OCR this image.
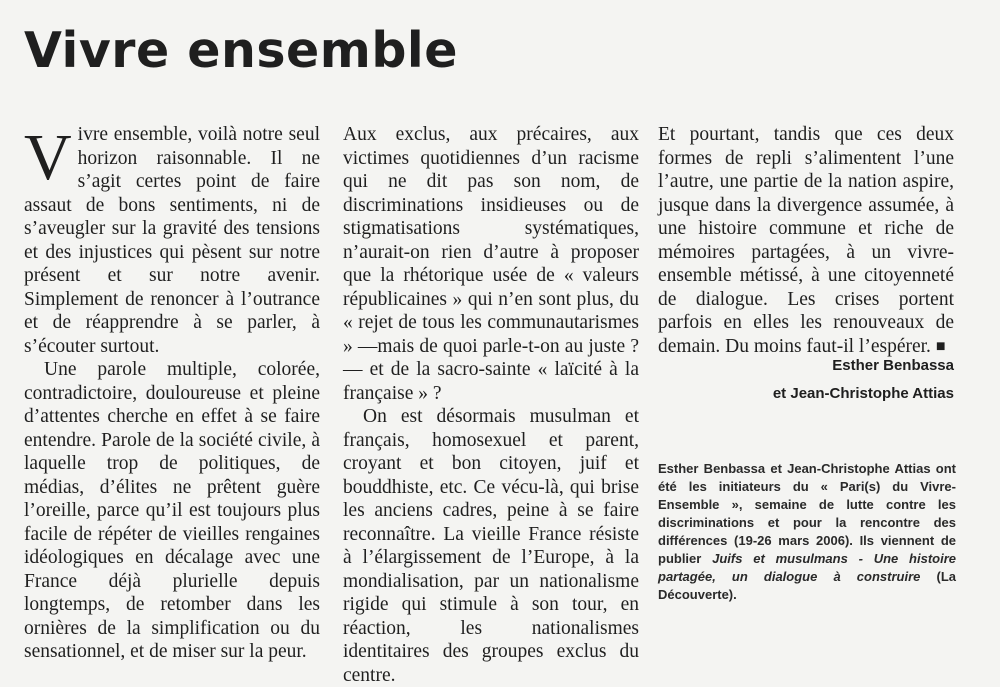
Vivre ensemble

Vivre ensemble, voilà notre seul horizon raisonnable. Il ne s’agit certes point de faire assaut de bons sentiments, ni de s’aveugler sur la gravité des tensions et des injustices qui pèsent sur notre présent et sur notre avenir. Simplement de renoncer à l’outrance et de réapprendre à se parler, à s’écouter surtout.

Une parole multiple, colorée, contradictoire, douloureuse et pleine d’attentes cherche en effet à se faire entendre. Parole de la société civile, à laquelle trop de politiques, de médias, d’élites ne prêtent guère l’oreille, parce qu’il est toujours plus facile de répéter de vieilles rengaines idéologiques en décalage avec une France déjà plurielle depuis longtemps, de retomber dans les ornières de la simplification ou du sensationnel, et de miser sur la peur.

Aux exclus, aux précaires, aux victimes quotidiennes d’un racisme qui ne dit pas son nom, de discriminations insidieuses ou de stigmatisations systématiques, n’aurait-on rien d’autre à proposer que la rhétorique usée de « valeurs républicaines » qui n’en sont plus, du « rejet de tous les communautarismes » —mais de quoi parle-t-on au juste ?— et de la sacro-sainte « laïcité à la française » ?

On est désormais musulman et français, homosexuel et parent, croyant et bon citoyen, juif et bouddhiste, etc. Ce vécu-là, qui brise les anciens cadres, peine à se faire reconnaître. La vieille France résiste à l’élargissement de l’Europe, à la mondialisation, par un nationalisme rigide qui stimule à son tour, en réaction, les nationalismes identitaires des groupes exclus du centre.

Et pourtant, tandis que ces deux formes de repli s’alimentent l’une l’autre, une partie de la nation aspire, jusque dans la divergence assumée, à une histoire commune et riche de mémoires partagées, à un vivre-ensemble métissé, à une citoyenneté de dialogue. Les crises portent parfois en elles les renouveaux de demain. Du moins faut-il l’espérer. ■

Esther Benbassa
et Jean-Christophe Attias
Esther Benbassa et Jean-Christophe Attias ont été les initiateurs du « Pari(s) du Vivre-Ensemble », semaine de lutte contre les discriminations et pour la rencontre des différences (19-26 mars 2006). Ils viennent de publier Juifs et musulmans - Une histoire partagée, un dialogue à construire (La Découverte).
